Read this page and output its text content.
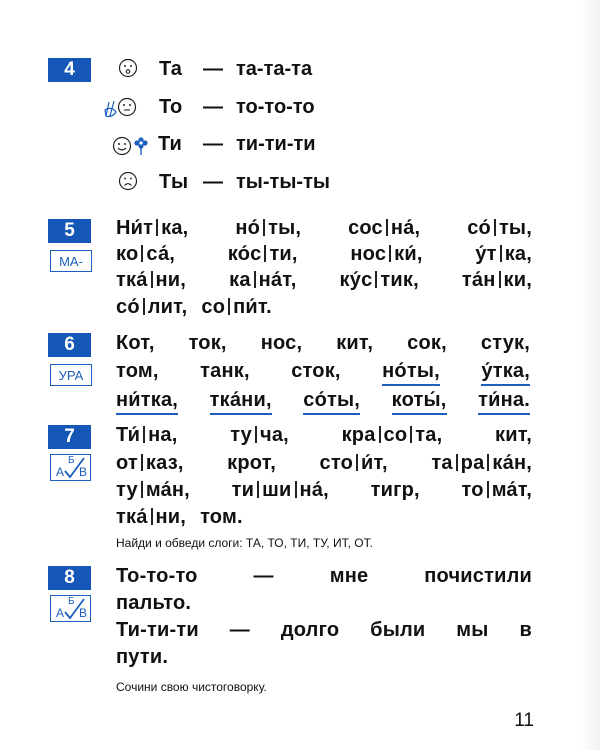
4	Та — та-та-та
То — то-то-то
Ти — ти-ти-ти
Ты — ты-ты-ты
5
МА-
Ни́т ка, но́ ты, сос на́, со́ ты,
ко са́,	ко́с ти,	нос ки́,	у́т ка,
тка́ ни, ка на́т, ку́с тик, та́н ки,
со́ лит, со пи́т.
6
УРА
Кот, ток, нос, кит, сок, стук,
том, танк, сток, но́ты, у́тка,
ни́тка, тка́ни, со́ты, коты́, ти́на.
7
А
Б
В
Ти́ на,	ту ча,	кра со та,	кит,
от каз, крот, сто и́т, та ра ка́н,
ту ма́н, ти ши на́, тигр, то ма́т,
тка́ ни, том.
Найди и обведи слоги: ТА, ТО, ТИ, ТУ, ИТ, ОТ.
8
А
Б
В
То-то-то	—	мне	почистили
пальто.
Ти-ти-ти — долго были мы в
пути.
Сочини свою чистоговорку.
11
